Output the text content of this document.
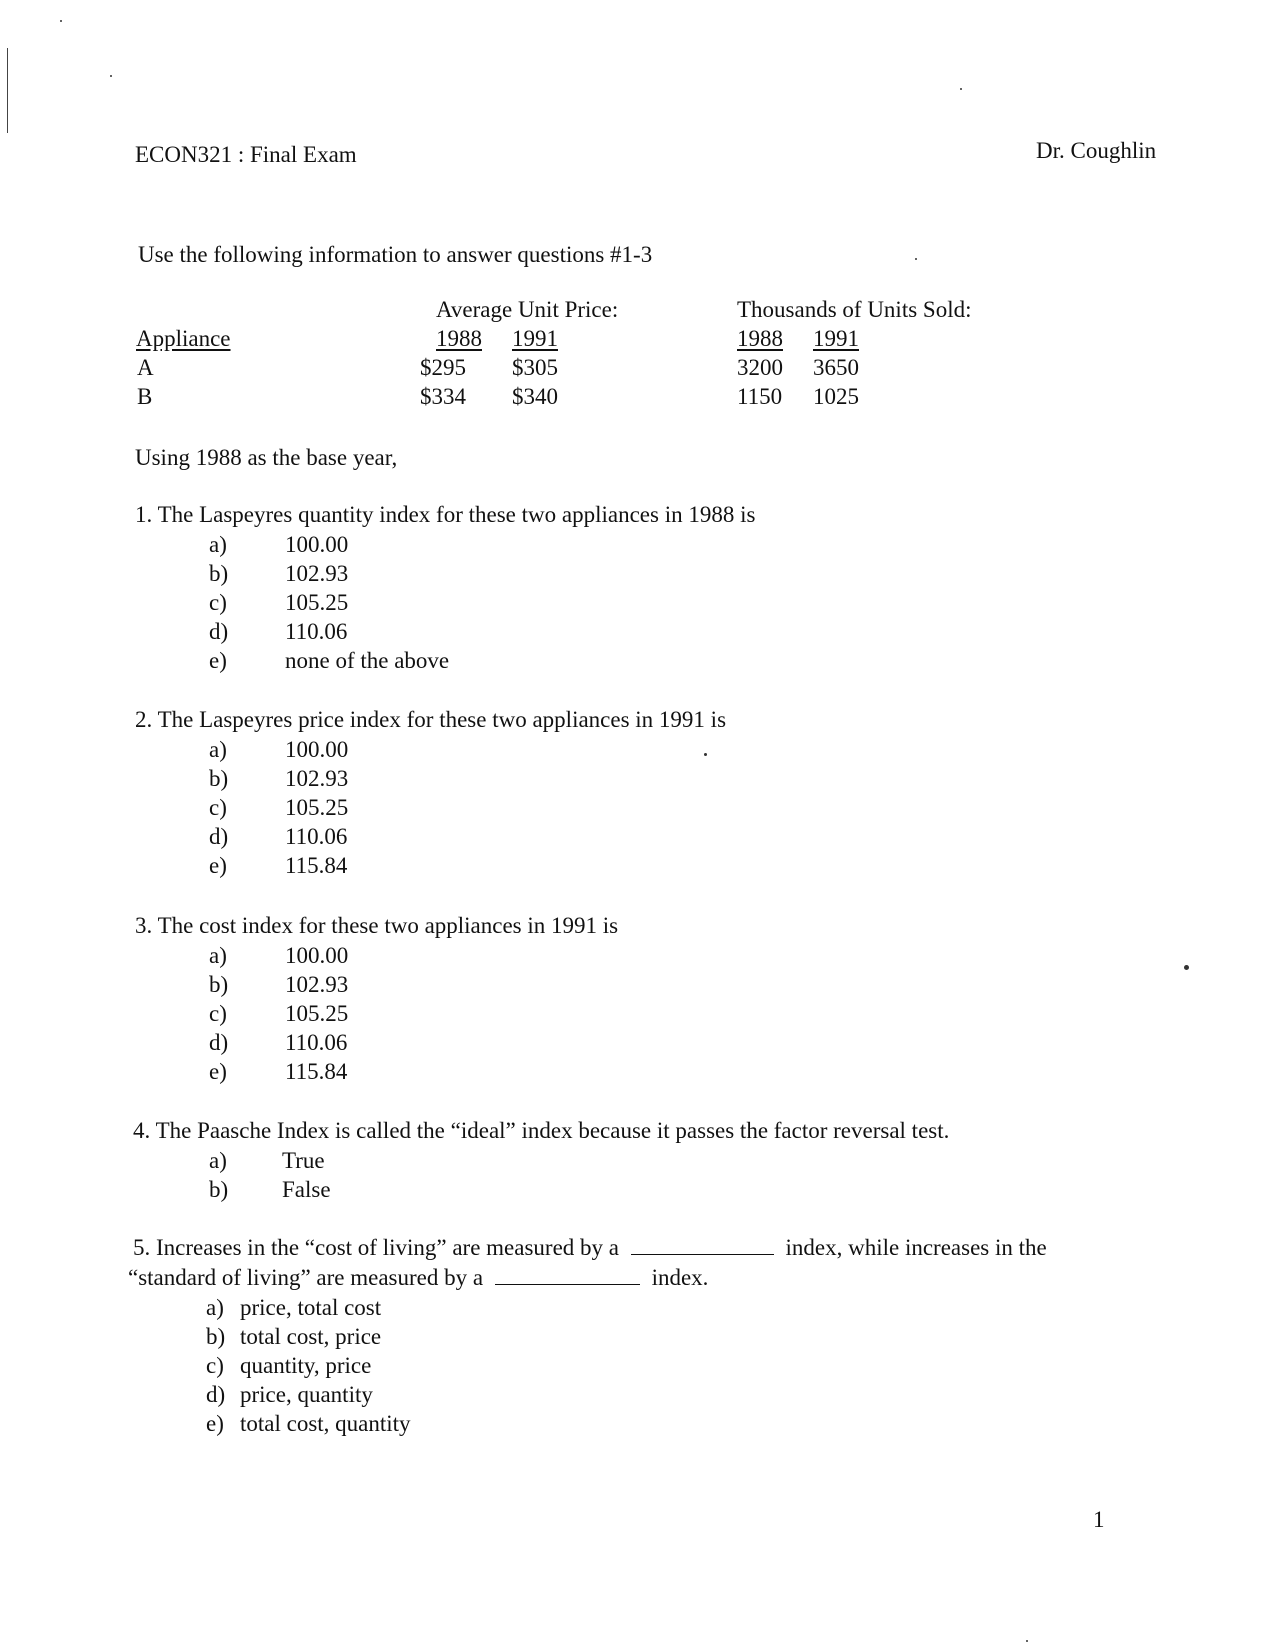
ECON321 : Final Exam	Dr. Coughlin
Use the following information to answer questions #1-3
Average Unit Price:	Thousands of Units Sold:
Appliance	1988 1991	1988 1991
A	$295 $305	3200 3650
B	$334 $340	1150 1025
Using 1988 as the base year,
1. The Laspeyres quantity index for these two appliances in 1988 is
a)	100.00
b) 102.93
c)	105.25
d) 110.06
e)	none of the above
2. The Laspeyres price index for these two appliances in 1991 is
a)	100.00
b) 102.93
c)	105.25
d) 110.06
e)	115.84
3. The cost index for these two appliances in 1991 is
a)	100.00
b) 102.93
c)	105.25
d) 110.06
e)	115.84
4. The Paasche Index is called the “ideal” index because it passes the factor reversal test.
a) True
b) False
5. Increases in the “cost of living” are measured by a	index, while increases in the
“standard of living” are measured by a	index.
a) price, total cost
b) total cost, price
c) quantity, price
d) price, quantity
e) total cost, quantity
1
